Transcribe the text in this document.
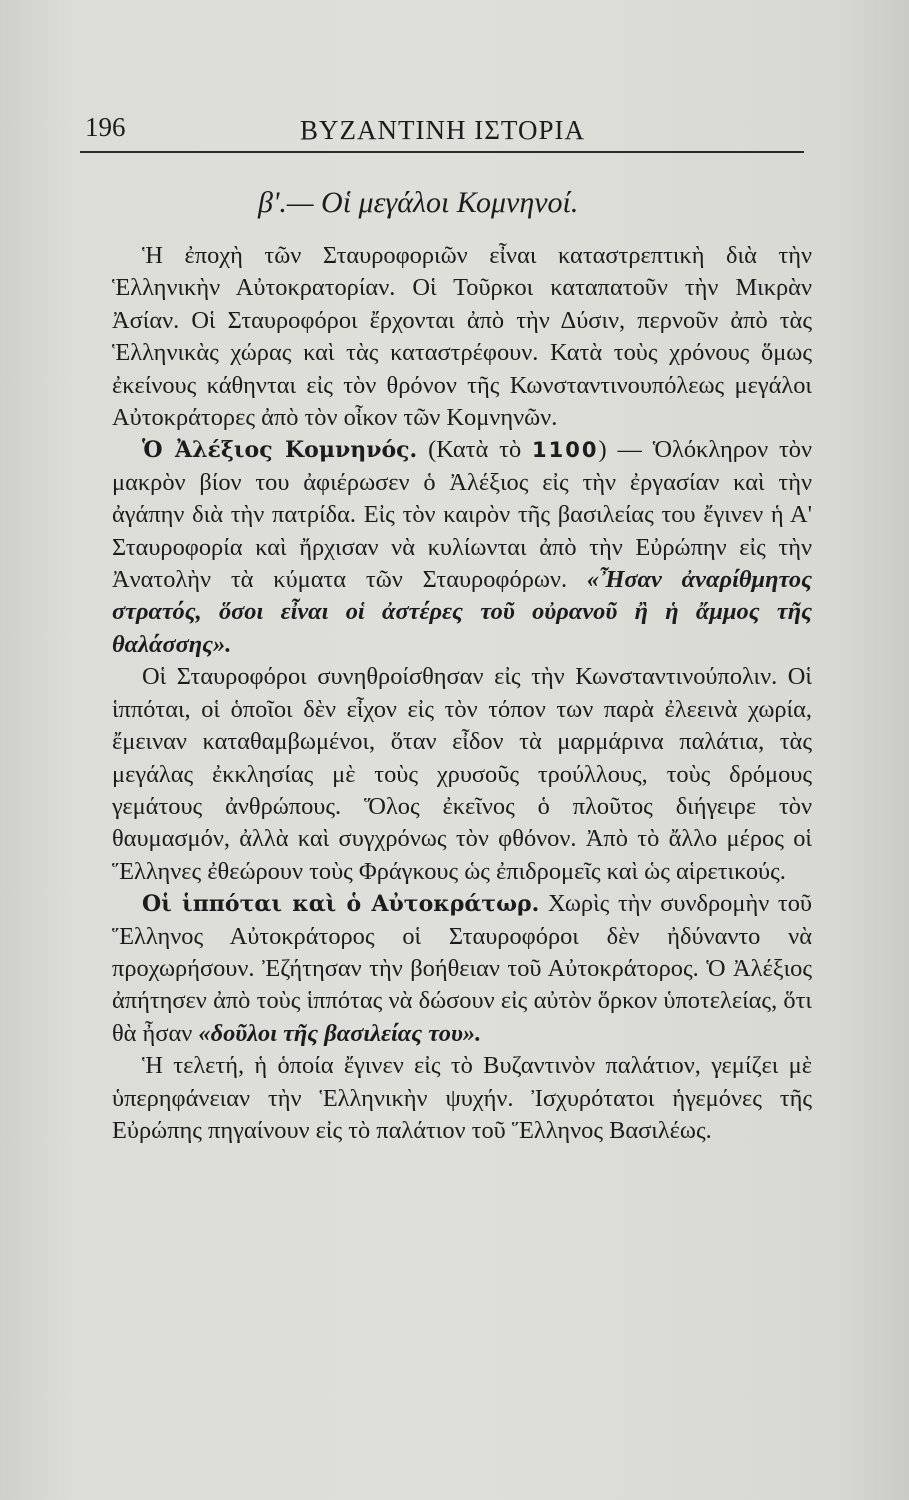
196	ΒΥΖΑΝΤΙΝΗ ΙΣΤΟΡΙΑ
β'.— Οἱ μεγάλοι Κομνηνοί.

Ἡ ἐποχὴ τῶν Σταυροφοριῶν εἶναι καταστρεπτικὴ διὰ τὴν Ἑλληνικὴν Αὐτοκρατορίαν. Οἱ Τοῦρκοι καταπατοῦν τὴν Μικρὰν Ἀσίαν. Οἱ Σταυροφόροι ἔρχονται ἀπὸ τὴν Δύσιν, περνοῦν ἀπὸ τὰς Ἑλληνικὰς χώρας καὶ τὰς καταστρέφουν. Κατὰ τοὺς χρόνους ὅμως ἐκείνους κάθηνται εἰς τὸν θρόνον τῆς Κωνσταντινουπόλεως μεγάλοι Αὐτοκράτορες ἀπὸ τὸν οἶκον τῶν Κομνηνῶν.

Ὁ Ἀλέξιος Κομνηνός. (Κατὰ τὸ 1100) — Ὁλόκληρον τὸν μακρὸν βίον του ἀφιέρωσεν ὁ Ἀλέξιος εἰς τὴν ἐργασίαν καὶ τὴν ἀγάπην διὰ τὴν πατρίδα. Εἰς τὸν καιρὸν τῆς βασιλείας του ἔγινεν ἡ Α' Σταυροφορία καὶ ἤρχισαν νὰ κυλίωνται ἀπὸ τὴν Εὐρώπην εἰς τὴν Ἀνατολὴν τὰ κύματα τῶν Σταυροφόρων. «Ἦσαν ἀναρίθμητος στρατός, ὅσοι εἶναι οἱ ἀστέρες τοῦ οὐρανοῦ ἢ ἡ ἄμμος τῆς θαλάσσης».

Οἱ Σταυροφόροι συνηθροίσθησαν εἰς τὴν Κωνσταντινούπολιν. Οἱ ἱππόται, οἱ ὁποῖοι δὲν εἶχον εἰς τὸν τόπον των παρὰ ἐλεεινὰ χωρία, ἔμειναν καταθαμβωμένοι, ὅταν εἶδον τὰ μαρμάρινα παλάτια, τὰς μεγάλας ἐκκλησίας μὲ τοὺς χρυσοῦς τρούλλους, τοὺς δρόμους γεμάτους ἀνθρώπους. Ὅλος ἐκεῖνος ὁ πλοῦτος διήγειρε τὸν θαυμασμόν, ἀλλὰ καὶ συγχρόνως τὸν φθόνον. Ἀπὸ τὸ ἄλλο μέρος οἱ Ἕλληνες ἐθεώρουν τοὺς Φράγκους ὡς ἐπιδρομεῖς καὶ ὡς αἱρετικούς.

Οἱ ἱππόται καὶ ὁ Αὐτοκράτωρ. Χωρὶς τὴν συνδρομὴν τοῦ Ἕλληνος Αὐτοκράτορος οἱ Σταυροφόροι δὲν ἠδύναντο νὰ προχωρήσουν. Ἐζήτησαν τὴν βοήθειαν τοῦ Αὐτοκράτορος. Ὁ Ἀλέξιος ἀπήτησεν ἀπὸ τοὺς ἱππότας νὰ δώσουν εἰς αὐτὸν ὅρκον ὑποτελείας, ὅτι θὰ ἦσαν «δοῦλοι τῆς βασιλείας του».

Ἡ τελετή, ἡ ὁποία ἔγινεν εἰς τὸ Βυζαντινὸν παλάτιον, γεμίζει μὲ ὑπερηφάνειαν τὴν Ἑλληνικὴν ψυχήν. Ἰσχυρότατοι ἡγεμόνες τῆς Εὐρώπης πηγαίνουν εἰς τὸ παλάτιον τοῦ Ἕλληνος Βασιλέως.
